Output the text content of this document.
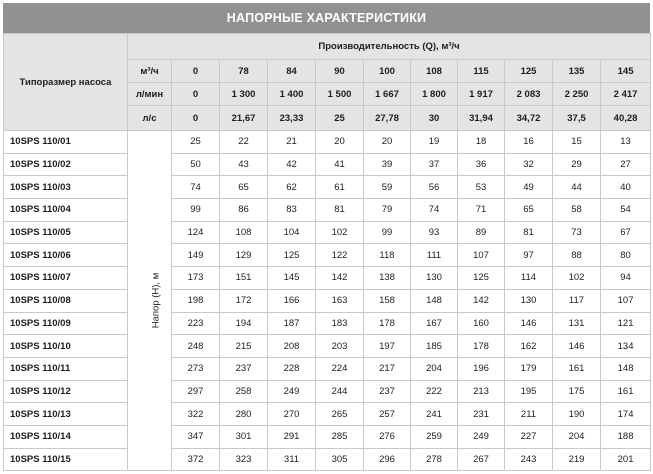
НАПОРНЫЕ ХАРАКТЕРИСТИКИ
Типоразмер насоса	Производительность (Q), м³/ч										
	м³/ч	0	78	84	90	100	108	115	125	135	145
	л/мин	0	1 300	1 400	1 500	1 667	1 800	1 917	2 083	2 250	2 417
	л/с	0	21,67	23,33	25	27,78	30	31,94	34,72	37,5	40,28
10SPS 110/01	Напор (H), м	25	22	21	20	20	19	18	16	15	13
10SPS 110/02		50	43	42	41	39	37	36	32	29	27
10SPS 110/03		74	65	62	61	59	56	53	49	44	40
10SPS 110/04		99	86	83	81	79	74	71	65	58	54
10SPS 110/05		124	108	104	102	99	93	89	81	73	67
10SPS 110/06		149	129	125	122	118	111	107	97	88	80
10SPS 110/07		173	151	145	142	138	130	125	114	102	94
10SPS 110/08		198	172	166	163	158	148	142	130	117	107
10SPS 110/09		223	194	187	183	178	167	160	146	131	121
10SPS 110/10		248	215	208	203	197	185	178	162	146	134
10SPS 110/11		273	237	228	224	217	204	196	179	161	148
10SPS 110/12		297	258	249	244	237	222	213	195	175	161
10SPS 110/13		322	280	270	265	257	241	231	211	190	174
10SPS 110/14		347	301	291	285	276	259	249	227	204	188
10SPS 110/15		372	323	311	305	296	278	267	243	219	201
